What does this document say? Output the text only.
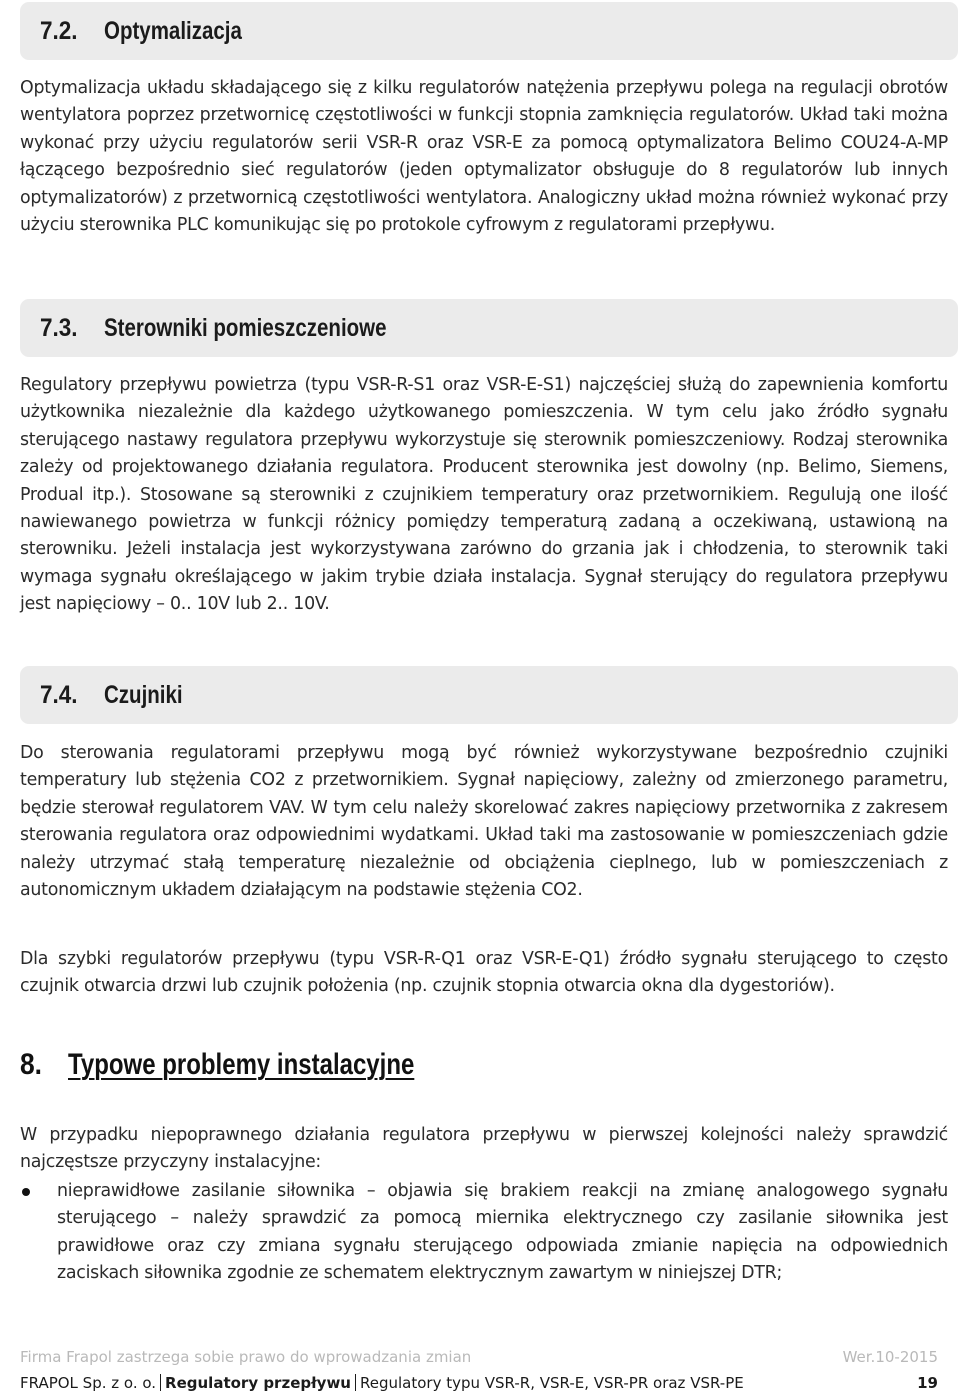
7.2.	Optymalizacja

Optymalizacja układu składającego się z kilku regulatorów natężenia przepływu polega na regulacji obrotów wentylatora poprzez przetwornicę częstotliwości w funkcji stopnia zamknięcia regulatorów. Układ taki można wykonać przy użyciu regulatorów serii VSR-R oraz VSR-E za pomocą optymalizatora Belimo COU24-A-MP łączącego bezpośrednio sieć regulatorów (jeden optymalizator obsługuje do 8 regulatorów lub innych optymalizatorów) z przetwornicą częstotliwości wentylatora. Analogiczny układ można również wykonać przy użyciu sterownika PLC komunikując się po protokole cyfrowym z regulatorami przepływu.

7.3.	Sterowniki pomieszczeniowe

Regulatory przepływu powietrza (typu VSR-R-S1 oraz VSR-E-S1) najczęściej służą do zapewnienia komfortu użytkownika niezależnie dla każdego użytkowanego pomieszczenia. W tym celu jako źródło sygnału sterującego nastawy regulatora przepływu wykorzystuje się sterownik pomieszczeniowy. Rodzaj sterownika zależy od projektowanego działania regulatora. Producent sterownika jest dowolny (np. Belimo, Siemens, Produal itp.). Stosowane są sterowniki z czujnikiem temperatury oraz przetwornikiem. Regulują one ilość nawiewanego powietrza w funkcji różnicy pomiędzy temperaturą zadaną a oczekiwaną, ustawioną na sterowniku. Jeżeli instalacja jest wykorzystywana zarówno do grzania jak i chłodzenia, to sterownik taki wymaga sygnału określającego w jakim trybie działa instalacja. Sygnał sterujący do regulatora przepływu jest napięciowy – 0.. 10V lub 2.. 10V.

7.4.	Czujniki

Do sterowania regulatorami przepływu mogą być również wykorzystywane bezpośrednio czujniki temperatury lub stężenia CO2 z przetwornikiem. Sygnał napięciowy, zależny od zmierzonego parametru, będzie sterował regulatorem VAV. W tym celu należy skorelować zakres napięciowy przetwornika z zakresem sterowania regulatora oraz odpowiednimi wydatkami. Układ taki ma zastosowanie w pomieszczeniach gdzie należy utrzymać stałą temperaturę niezależnie od obciążenia cieplnego, lub w pomieszczeniach z autonomicznym układem działającym na podstawie stężenia CO2.

Dla szybki regulatorów przepływu (typu VSR-R-Q1 oraz VSR-E-Q1) źródło sygnału sterującego to często czujnik otwarcia drzwi lub czujnik położenia (np. czujnik stopnia otwarcia okna dla dygestoriów).

8. Typowe problemy instalacyjne

W przypadku niepoprawnego działania regulatora przepływu w pierwszej kolejności należy sprawdzić najczęstsze przyczyny instalacyjne:

nieprawidłowe zasilanie siłownika – objawia się brakiem reakcji na zmianę analogowego sygnału sterującego – należy sprawdzić za pomocą miernika elektrycznego czy zasilanie siłownika jest prawidłowe oraz czy zmiana sygnału sterującego odpowiada zmianie napięcia na odpowiednich zaciskach siłownika zgodnie ze schematem elektrycznym zawartym w niniejszej DTR;
Firma Frapol zastrzega sobie prawo do wprowadzania zmian	Wer.10-2015
FRAPOL Sp. z o. o. Regulatory przepływu Regulatory typu VSR-R, VSR-E, VSR-PR oraz VSR-PE	19
